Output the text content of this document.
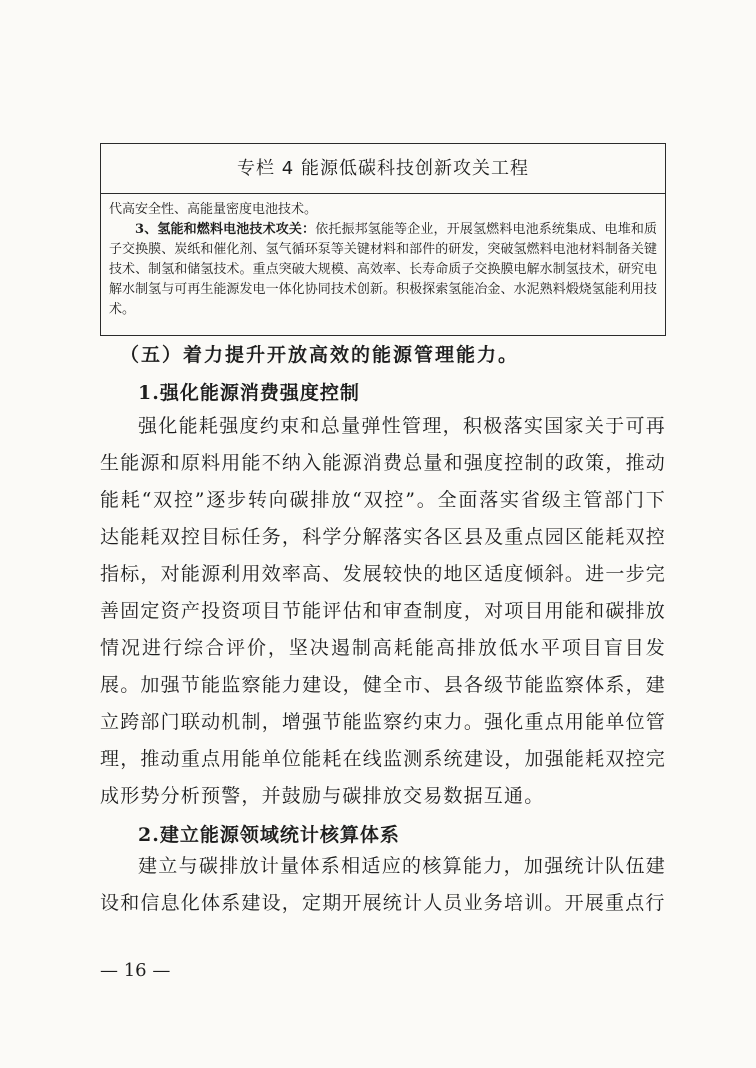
专栏 4 能源低碳科技创新攻关工程

代高安全性、高能量密度电池技术。

3、氢能和燃料电池技术攻关：依托振邦氢能等企业，开展氢燃料电池系统集成、电堆和质子交换膜、炭纸和催化剂、氢气循环泵等关键材料和部件的研发，突破氢燃料电池材料制备关键技术、制氢和储氢技术。重点突破大规模、高效率、长寿命质子交换膜电解水制氢技术，研究电解水制氢与可再生能源发电一体化协同技术创新。积极探索氢能冶金、水泥熟料煅烧氢能利用技术。

（五）着力提升开放高效的能源管理能力。
1.强化能源消费强度控制

强化能耗强度约束和总量弹性管理，积极落实国家关于可再生能源和原料用能不纳入能源消费总量和强度控制的政策，推动能耗“双控”逐步转向碳排放“双控”。全面落实省级主管部门下达能耗双控目标任务，科学分解落实各区县及重点园区能耗双控指标，对能源利用效率高、发展较快的地区适度倾斜。进一步完善固定资产投资项目节能评估和审查制度，对项目用能和碳排放情况进行综合评价，坚决遏制高耗能高排放低水平项目盲目发展。加强节能监察能力建设，健全市、县各级节能监察体系，建立跨部门联动机制，增强节能监察约束力。强化重点用能单位管理，推动重点用能单位能耗在线监测系统建设，加强能耗双控完成形势分析预警，并鼓励与碳排放交易数据互通。

2.建立能源领域统计核算体系

建立与碳排放计量体系相适应的核算能力，加强统计队伍建设和信息化体系建设，定期开展统计人员业务培训。开展重点行

— 16 —
